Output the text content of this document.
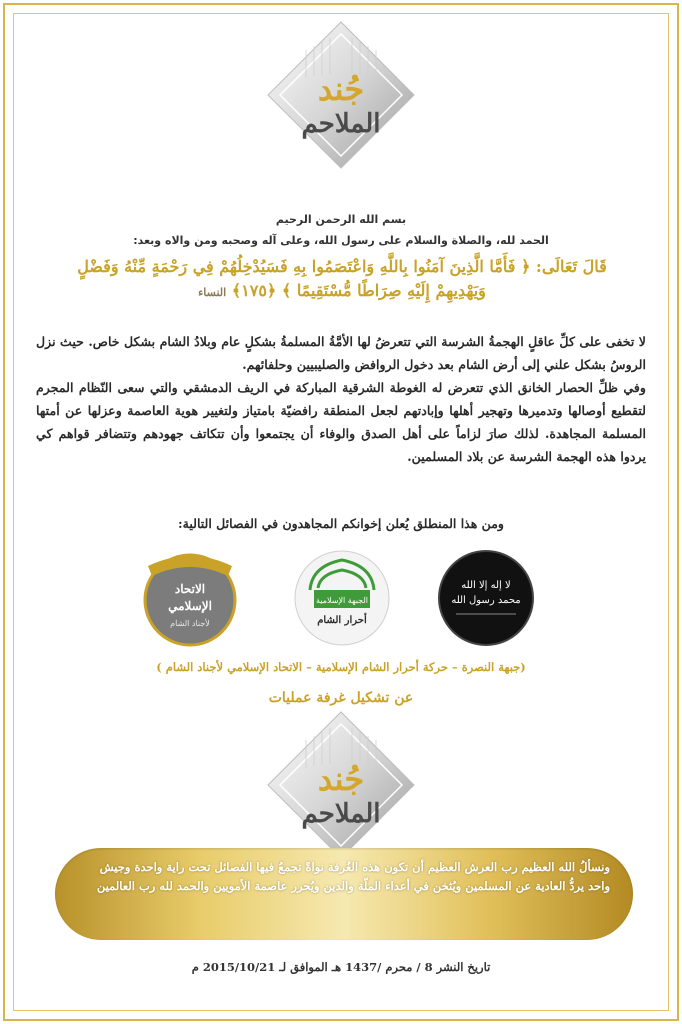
جُند
الملاحم
بسم الله الرحمن الرحيم
الحمد لله، والصلاة والسلام على رسول الله، وعلى آله وصحبه ومن والاه وبعد:
قَالَ تَعَالَى: ﴿ فَأَمَّا الَّذِينَ آمَنُوا بِاللَّهِ وَاعْتَصَمُوا بِهِ فَسَيُدْخِلُهُمْ فِي رَحْمَةٍ مِّنْهُ وَفَضْلٍ وَيَهْدِيهِمْ إِلَيْهِ صِرَاطًا مُّسْتَقِيمًا ﴾ ﴿١٧٥﴾ النساء
لا تخفى على كلِّ عاقلٍ الهجمةُ الشرسة التي تتعرضُ لها الأمَّةُ المسلمةُ بشكلٍ عام وبلادُ الشام بشكل خاص. حيث نزل الروسُ بشكل علني إلى أرض الشام بعد دخول الروافض والصليبيين وحلفائهم.
وفي ظلِّ الحصار الخانق الذي تتعرض له الغوطة الشرقية المباركة في الريف الدمشقي والتي سعى النّظام المجرم لتقطيع أوصالها وتدميرها وتهجير أهلها وإبادتهم لجعل المنطقة رافضيّة بامتياز ولتغيير هوية العاصمة وعزلها عن أمتها المسلمة المجاهدة. لذلك صارَ لزاماً على أهل الصدق والوفاء أن يجتمعوا وأن تتكاتف جهودهم وتتضافر قواهم كي يردوا هذه الهجمة الشرسة عن بلاد المسلمين.
ومن هذا المنطلق يُعلن إخوانكم المجاهدون في الفصائل التالية:
لا إله إلا الله
محمد رسول الله
الجبهة الإسلامية
أحرار الشام
الاتحاد
الإسلامي
لأجناد الشام
(جبهة النصرة – حركة أحرار الشام الإسلامية – الاتحاد الإسلامي لأجناد الشام )
عن تشكيل غرفة عمليات
جُند
الملاحم
ونسألُ الله العظيم رب العرش العظيم أن تكون هذه الغُرفة نواةً تجمعُ فيها الفصائل تحت راية واحدة وجيش واحد يردُّ العادية عن المسلمين ويُثخن في أعداء الملّة والدين ويُحرر عاصمة الأمويين والحمد لله رب العالمين
تاريخ النشر 8 / محرم /1437 هـ الموافق لـ 2015/10/21 م
